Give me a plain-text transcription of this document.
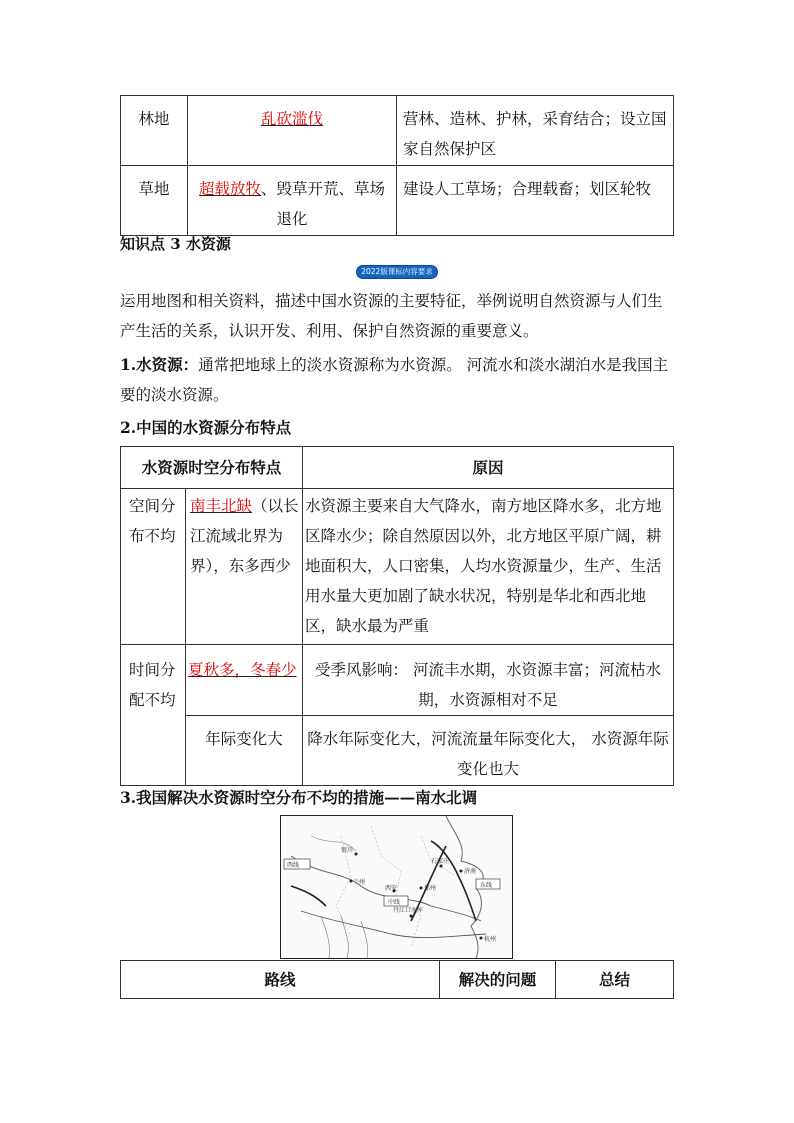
林地	乱砍滥伐	营林、造林、护林，采育结合；设立国家自然保护区
草地	超载放牧、毁草开荒、草场退化	建设人工草场；合理载畜；划区轮牧
知识点 3 水资源
2022版课标内容要求
运用地图和相关资料，描述中国水资源的主要特征，举例说明自然资源与人们生产生活的关系，认识开发、利用、保护自然资源的重要意义。
1.水资源：通常把地球上的淡水资源称为水资源。 河流水和淡水湖泊水是我国主要的淡水资源。
2.中国的水资源分布特点
水资源时空分布特点		原因
空间分布不均	南丰北缺（以长江流域北界为界），东多西少	水资源主要来自大气降水，南方地区降水多，北方地区降水少；除自然原因以外，北方地区平原广阔，耕地面积大，人口密集，人均水资源量少，生产、生活用水量大更加剧了缺水状况，特别是华北和西北地区，缺水最为严重
时间分配不均	夏秋多，冬春少	受季风影响： 河流丰水期，水资源丰富；河流枯水期，水资源相对不足
	年际变化大	降水年际变化大，河流流量年际变化大， 水资源年际变化也大
3.我国解决水资源时空分布不均的措施——南水北调
西线
中线
东线
银川
兰州
西安	郑州
石家庄
济南
杭州
丹江口水库
路线	解决的问题	总结
